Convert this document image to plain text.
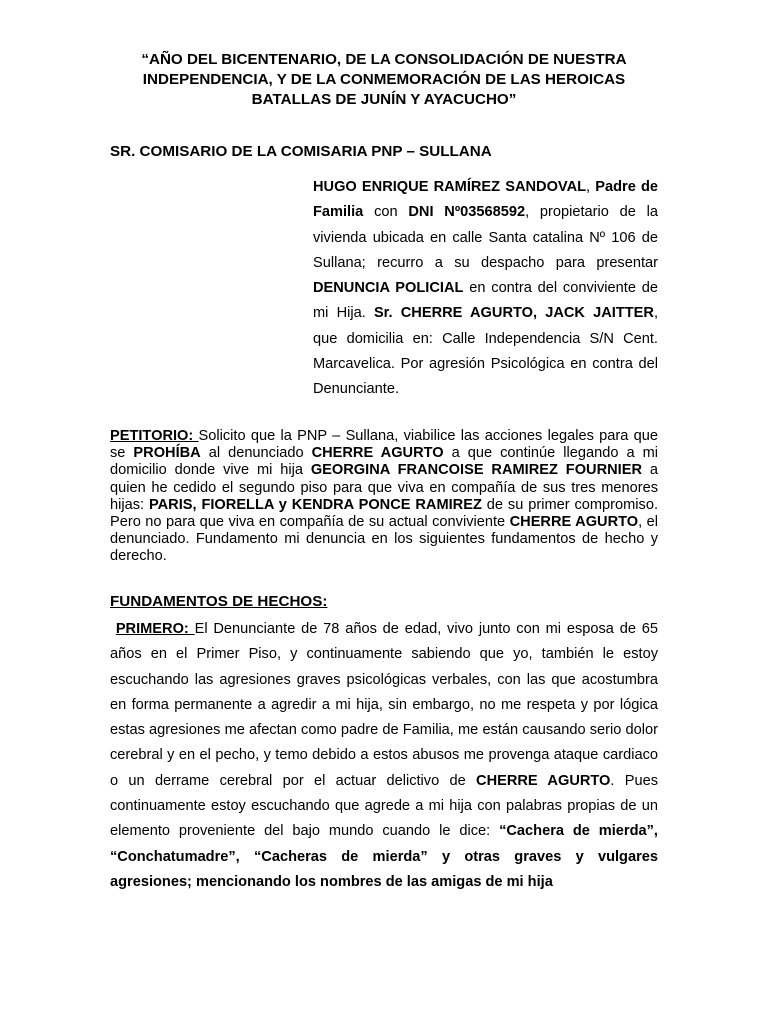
“AÑO DEL BICENTENARIO, DE LA CONSOLIDACIÓN DE NUESTRA
INDEPENDENCIA, Y DE LA CONMEMORACIÓN DE LAS HEROICAS
BATALLAS DE JUNÍN Y AYACUCHO”
SR. COMISARIO DE LA COMISARIA PNP – SULLANA
HUGO ENRIQUE RAMÍREZ SANDOVAL, Padre de Familia con DNI Nº03568592, propietario de la vivienda ubicada en calle Santa catalina Nº 106 de Sullana; recurro a su despacho para presentar DENUNCIA POLICIAL en contra del conviviente de mi Hija. Sr. CHERRE AGURTO, JACK JAITTER, que domicilia en: Calle Independencia S/N Cent. Marcavelica. Por agresión Psicológica en contra del Denunciante.
PETITORIO: Solicito que la PNP – Sullana, viabilice las acciones legales para que se PROHÍBA al denunciado CHERRE AGURTO a que continúe llegando a mi domicilio donde vive mi hija GEORGINA FRANCOISE RAMIREZ FOURNIER a quien he cedido el segundo piso para que viva en compañía de sus tres menores hijas: PARIS, FIORELLA y KENDRA PONCE RAMIREZ de su primer compromiso. Pero no para que viva en compañía de su actual conviviente CHERRE AGURTO, el denunciado. Fundamento mi denuncia en los siguientes fundamentos de hecho y derecho.
FUNDAMENTOS DE HECHOS:
PRIMERO: El Denunciante de 78 años de edad, vivo junto con mi esposa de 65 años en el Primer Piso, y continuamente sabiendo que yo, también le estoy escuchando las agresiones graves psicológicas verbales, con las que acostumbra en forma permanente a agredir a mi hija, sin embargo, no me respeta y por lógica estas agresiones me afectan como padre de Familia, me están causando serio dolor cerebral y en el pecho, y temo debido a estos abusos me provenga ataque cardiaco o un derrame cerebral por el actuar delictivo de CHERRE AGURTO. Pues continuamente estoy escuchando que agrede a mi hija con palabras propias de un elemento proveniente del bajo mundo cuando le dice: “Cachera de mierda”, “Conchatumadre”, “Cacheras de mierda” y otras graves y vulgares agresiones; mencionando los nombres de las amigas de mi hija
